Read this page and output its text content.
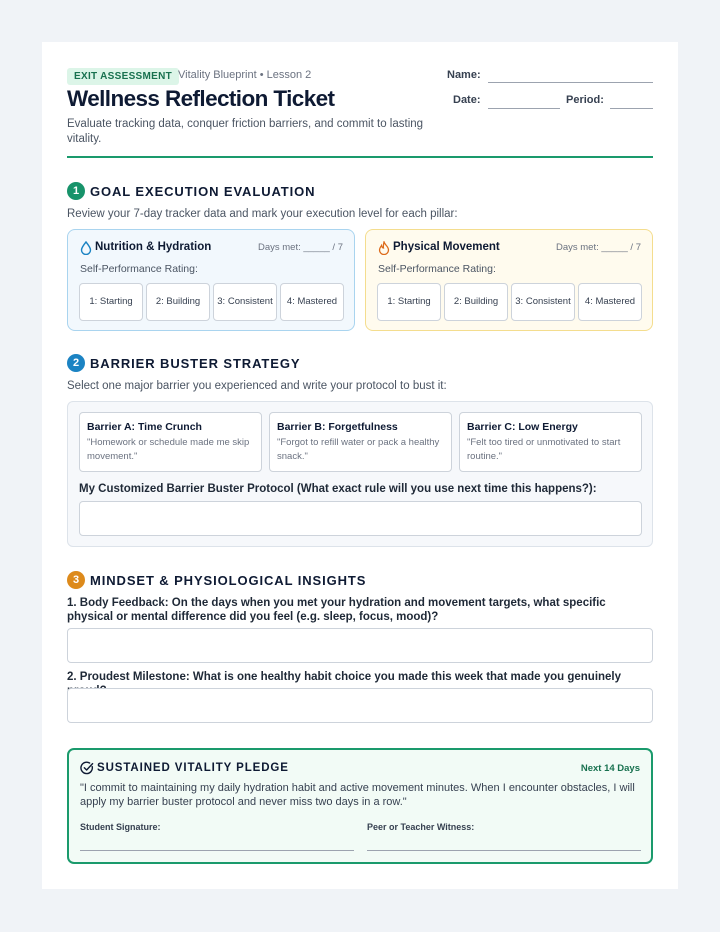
EXIT ASSESSMENT Vitality Blueprint • Lesson 2
Wellness Reflection Ticket
Evaluate tracking data, conquer friction barriers, and commit to lasting vitality.
Name:
Date:	Period:
1 GOAL EXECUTION EVALUATION
Review your 7-day tracker data and mark your execution level for each pillar:
Nutrition & Hydration	Days met: _____ / 7
Self-Performance Rating:
1: Starting	2: Building	3: Consistent	4: Mastered
Physical Movement	Days met: _____ / 7
Self-Performance Rating:
1: Starting	2: Building	3: Consistent	4: Mastered
2 BARRIER BUSTER STRATEGY
Select one major barrier you experienced and write your protocol to bust it:
Barrier A: Time Crunch
"Homework or schedule made me skip movement."
Barrier B: Forgetfulness
"Forgot to refill water or pack a healthy snack."
Barrier C: Low Energy
"Felt too tired or unmotivated to start routine."
My Customized Barrier Buster Protocol (What exact rule will you use next time this happens?):
3 MINDSET & PHYSIOLOGICAL INSIGHTS
1. Body Feedback: On the days when you met your hydration and movement targets, what specific physical or mental difference did you feel (e.g. sleep, focus, mood)?
2. Proudest Milestone: What is one healthy habit choice you made this week that made you genuinely
SUSTAINED VITALITY PLEDGE	Next 14 Days
"I commit to maintaining my daily hydration habit and active movement minutes. When I encounter obstacles, I will apply my barrier buster protocol and never miss two days in a row."
Student Signature:	Peer or Teacher Witness:
